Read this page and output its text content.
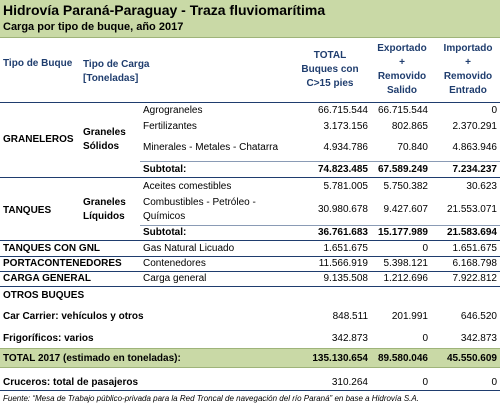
Hidrovía Paraná-Paraguay - Traza fluviomarítima
Carga por tipo de buque, año 2017
Tipo de Buque	Tipo de Carga
[Toneladas]
TOTAL
Buques con
C>15 pies
Exportado
+
Removido
Salido
Importado
+
Removido
Entrado
GRANELEROS
Graneles
Sólidos
Agrograneles	66.715.544 66.715.544	0
Fertilizantes	3.173.156	802.865	2.370.291
Minerales - Metales - Chatarra	4.934.786	70.840	4.863.946
Subtotal:	74.823.485 67.589.249	7.234.237
TANQUES
Graneles
Líquidos
Aceites comestibles	5.781.005	5.750.382	30.623
Combustibles - Petróleo -
Químicos
30.980.678	9.427.607	21.553.071
Subtotal:	36.761.683 15.177.989	21.583.694
TANQUES CON GNL	Gas Natural Licuado	1.651.675	0	1.651.675
PORTACONTENEDORES Contenedores	11.566.919	5.398.121	6.168.798
CARGA GENERAL	Carga general	9.135.508	1.212.696	7.922.812
OTROS BUQUES
Car Carrier: vehículos y otros	848.511	201.991	646.520
Frigoríficos: varios	342.873	0	342.873
TOTAL 2017 (estimado en toneladas):	135.130.654 89.580.046	45.550.609
Cruceros: total de pasajeros	310.264	0	0
Fuente: “Mesa de Trabajo público-privada para la Red Troncal de navegación del río Paraná” en base a Hidrovía S.A.
